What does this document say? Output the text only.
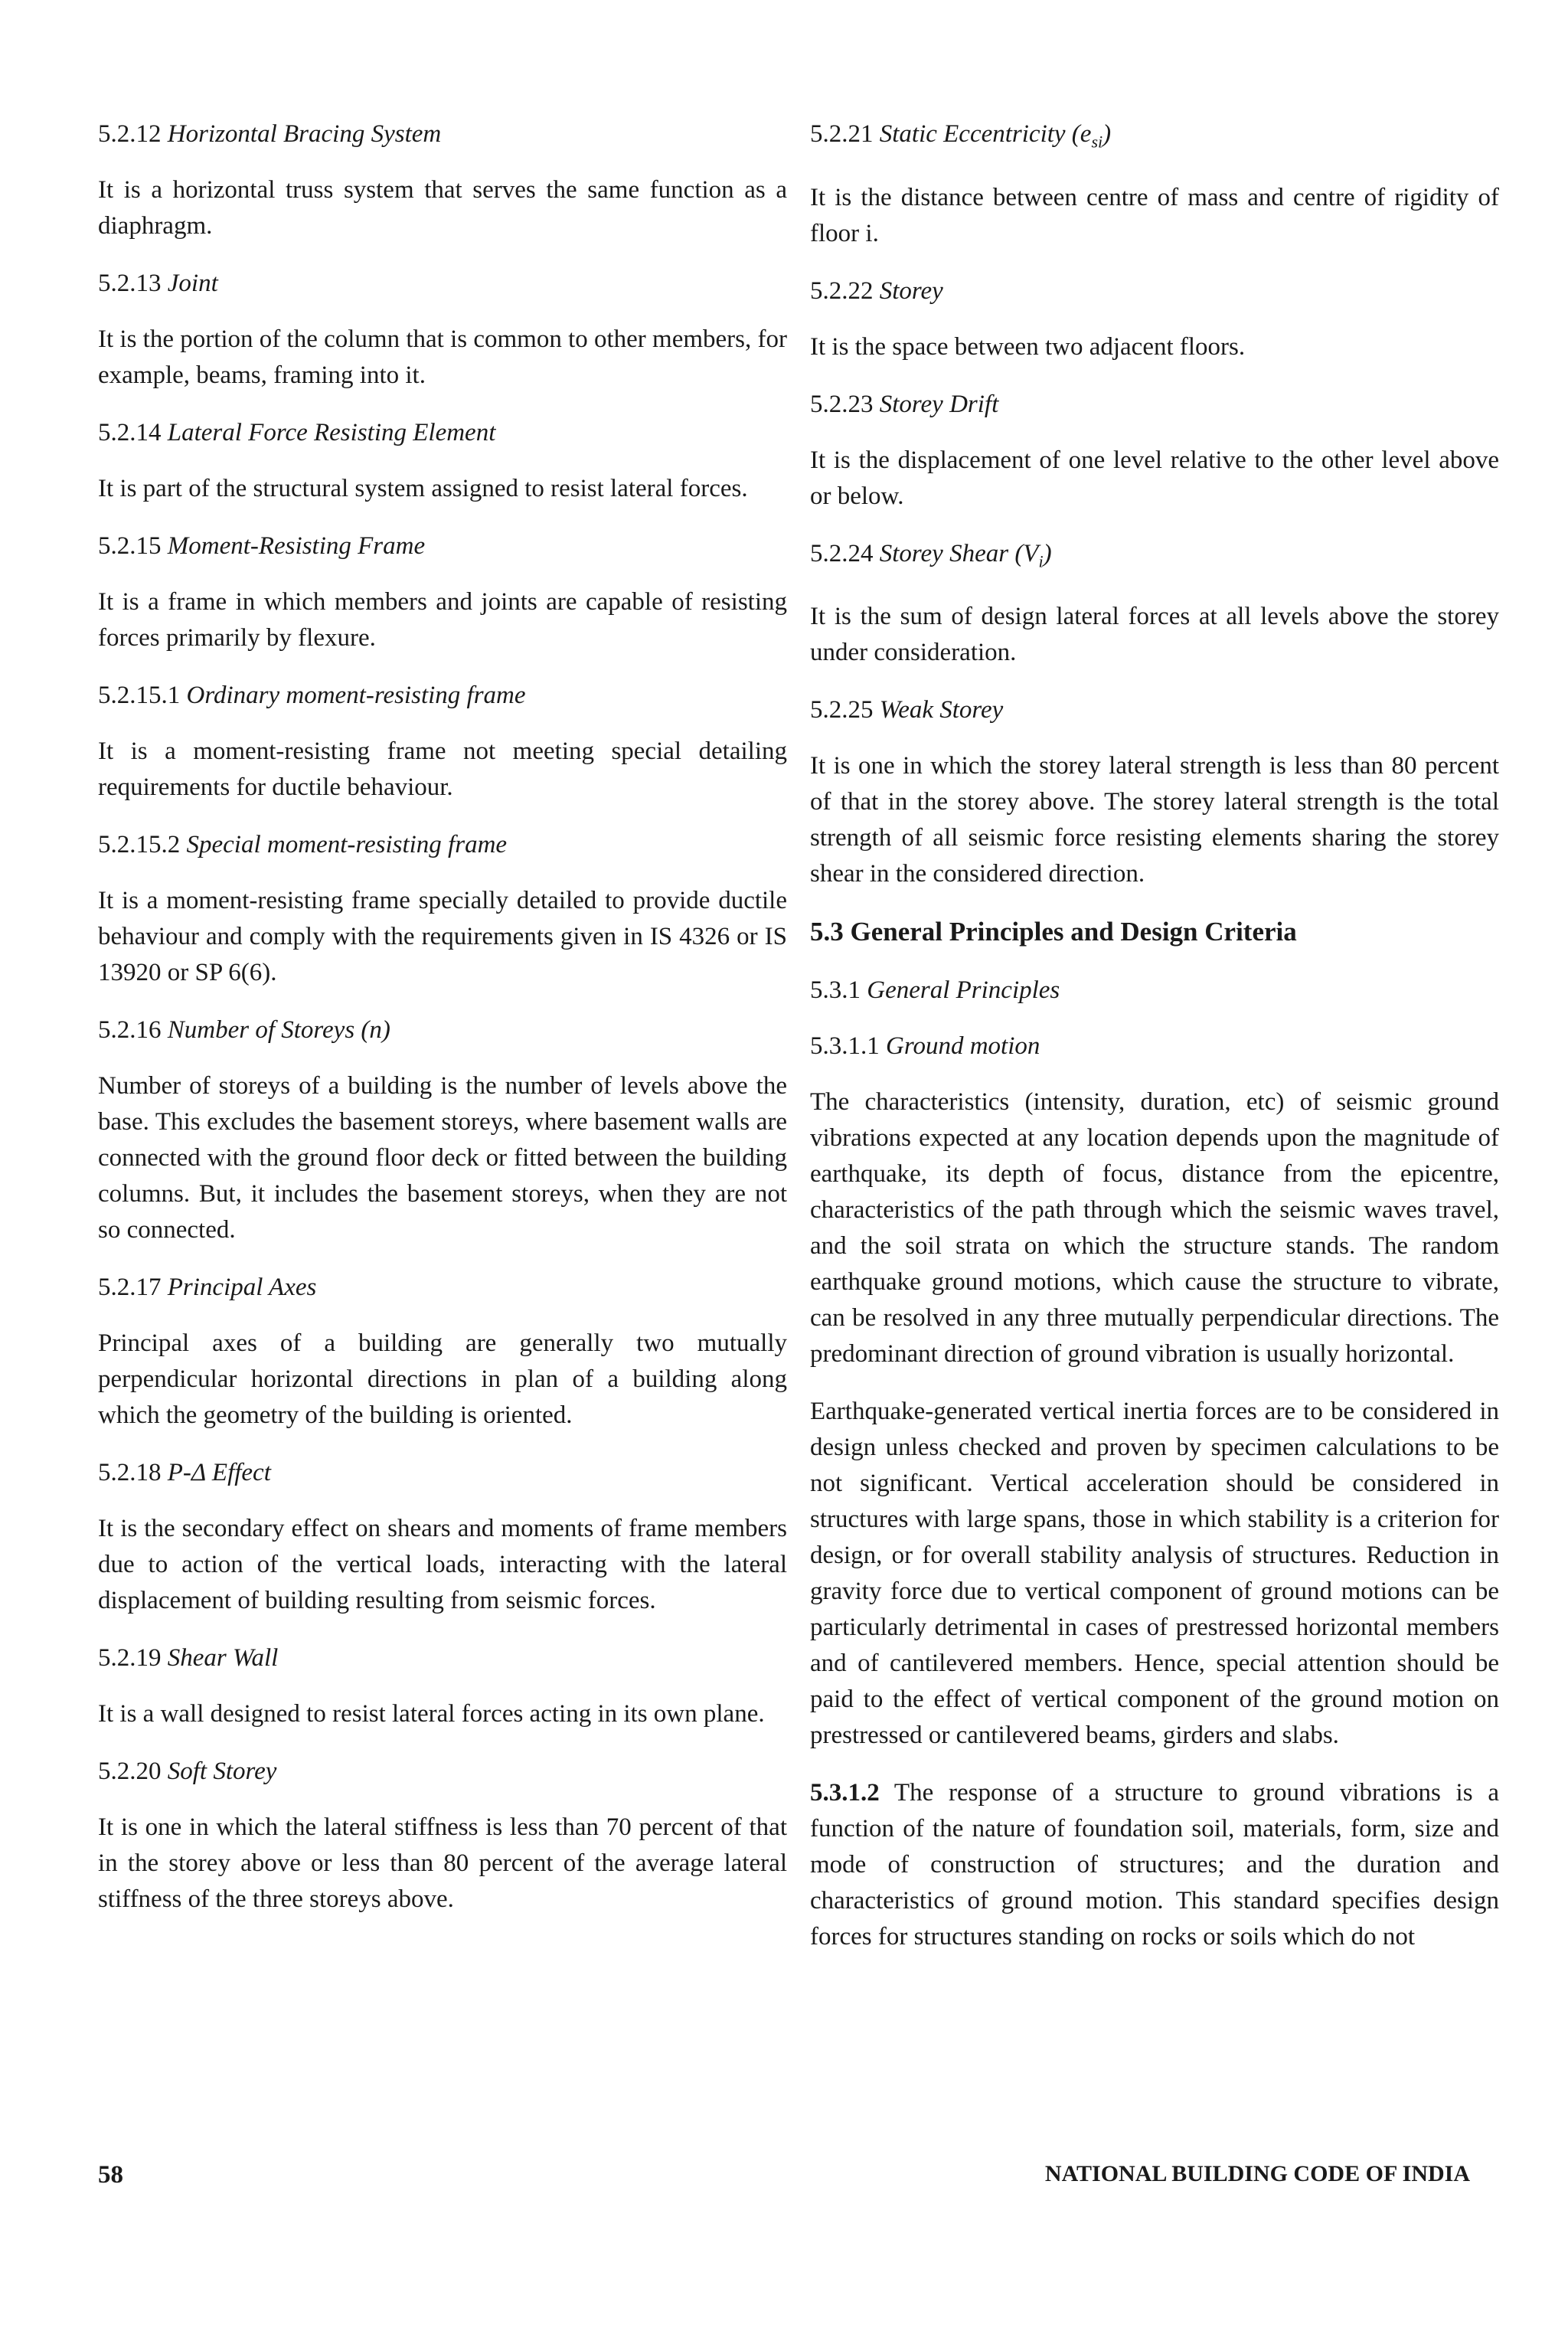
5.2.12 Horizontal Bracing System
It is a horizontal truss system that serves the same function as a diaphragm.
5.2.13 Joint
It is the portion of the column that is common to other members, for example, beams, framing into it.
5.2.14 Lateral Force Resisting Element
It is part of the structural system assigned to resist lateral forces.
5.2.15 Moment-Resisting Frame
It is a frame in which members and joints are capable of resisting forces primarily by flexure.
5.2.15.1 Ordinary moment-resisting frame
It is a moment-resisting frame not meeting special detailing requirements for ductile behaviour.
5.2.15.2 Special moment-resisting frame
It is a moment-resisting frame specially detailed to provide ductile behaviour and comply with the requirements given in IS 4326 or IS 13920 or SP 6(6).
5.2.16 Number of Storeys (n)
Number of storeys of a building is the number of levels above the base. This excludes the basement storeys, where basement walls are connected with the ground floor deck or fitted between the building columns. But, it includes the basement storeys, when they are not so connected.
5.2.17 Principal Axes
Principal axes of a building are generally two mutually perpendicular horizontal directions in plan of a building along which the geometry of the building is oriented.
5.2.18 P-Δ Effect
It is the secondary effect on shears and moments of frame members due to action of the vertical loads, interacting with the lateral displacement of building resulting from seismic forces.
5.2.19 Shear Wall
It is a wall designed to resist lateral forces acting in its own plane.
5.2.20 Soft Storey
It is one in which the lateral stiffness is less than 70 percent of that in the storey above or less than 80 percent of the average lateral stiffness of the three storeys above.
5.2.21 Static Eccentricity $(e_{si})$
It is the distance between centre of mass and centre of rigidity of floor i.
5.2.22 Storey
It is the space between two adjacent floors.
5.2.23 Storey Drift
It is the displacement of one level relative to the other level above or below.
5.2.24 Storey Shear $(V_i)$
It is the sum of design lateral forces at all levels above the storey under consideration.
5.2.25 Weak Storey
It is one in which the storey lateral strength is less than 80 percent of that in the storey above. The storey lateral strength is the total strength of all seismic force resisting elements sharing the storey shear in the considered direction.
5.3 General Principles and Design Criteria
5.3.1 General Principles
5.3.1.1 Ground motion
The characteristics (intensity, duration, etc) of seismic ground vibrations expected at any location depends upon the magnitude of earthquake, its depth of focus, distance from the epicentre, characteristics of the path through which the seismic waves travel, and the soil strata on which the structure stands. The random earthquake ground motions, which cause the structure to vibrate, can be resolved in any three mutually perpendicular directions. The predominant direction of ground vibration is usually horizontal.
Earthquake-generated vertical inertia forces are to be considered in design unless checked and proven by specimen calculations to be not significant. Vertical acceleration should be considered in structures with large spans, those in which stability is a criterion for design, or for overall stability analysis of structures. Reduction in gravity force due to vertical component of ground motions can be particularly detrimental in cases of prestressed horizontal members and of cantilevered members. Hence, special attention should be paid to the effect of vertical component of the ground motion on prestressed or cantilevered beams, girders and slabs.
5.3.1.2 The response of a structure to ground vibrations is a function of the nature of foundation soil, materials, form, size and mode of construction of structures; and the duration and characteristics of ground motion. This standard specifies design forces for structures standing on rocks or soils which do not
58	NATIONAL BUILDING CODE OF INDIA
